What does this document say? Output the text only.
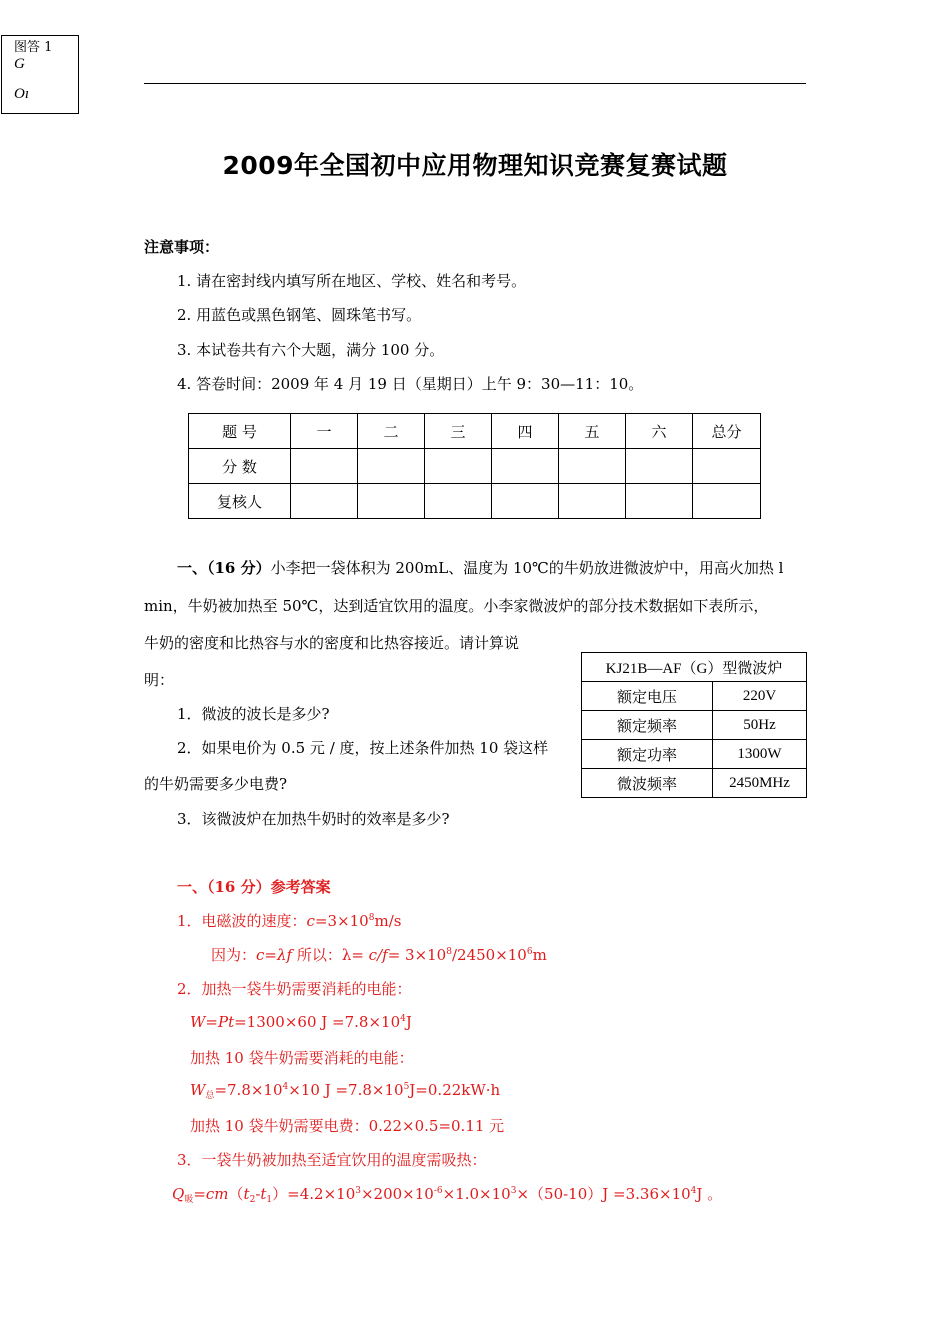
图答 1
G
Oı
2009年全国初中应用物理知识竞赛复赛试题
注意事项：
1. 请在密封线内填写所在地区、学校、姓名和考号。
2. 用蓝色或黑色钢笔、圆珠笔书写。
3. 本试卷共有六个大题，满分 100 分。
4. 答卷时间：2009 年 4 月 19 日（星期日）上午 9：30—11：10。
题 号	一	二	三	四	五	六	总分
分 数							
复核人							
一、（16 分）小李把一袋体积为 200mL、温度为 10℃的牛奶放进微波炉中，用高火加热 l
min，牛奶被加热至 50℃，达到适宜饮用的温度。小李家微波炉的部分技术数据如下表所示，
牛奶的密度和比热容与水的密度和比热容接近。请计算说
明：
1．微波的波长是多少?
2．如果电价为 0.5 元 / 度，按上述条件加热 10 袋这样
的牛奶需要多少电费?
3．该微波炉在加热牛奶时的效率是多少?
KJ21B—AF（G）型微波炉	
额定电压	220V
额定频率	50Hz
额定功率	1300W
微波频率	2450MHz
一、（16 分）参考答案
1．电磁波的速度：$c=3\times 10^8m/s$
因为：c=λf 所以：$\lambda= c/f= 3\times 10^8/2450\times 10^6m$
2．加热一袋牛奶需要消耗的电能：
W=Pt=1300×60 $J =7.8\times 10^4J$
加热 10 袋牛奶需要消耗的电能：
$W_总=7.8\times 10^4\times 10$ $J =7.8\times 10^5J=0.22kW\cdot h$
加热 10 袋牛奶需要电费：0.22×0.5=0.11 元
3．一袋牛奶被加热至适宜饮用的温度需吸热：
$Q_吸=cm(t_2-t_1)=4.2\times 10^3\times 200\times 10^{-6}\times 1.0\times 10^3\times(50-10)J =3.36\times 10^4J$ 。
